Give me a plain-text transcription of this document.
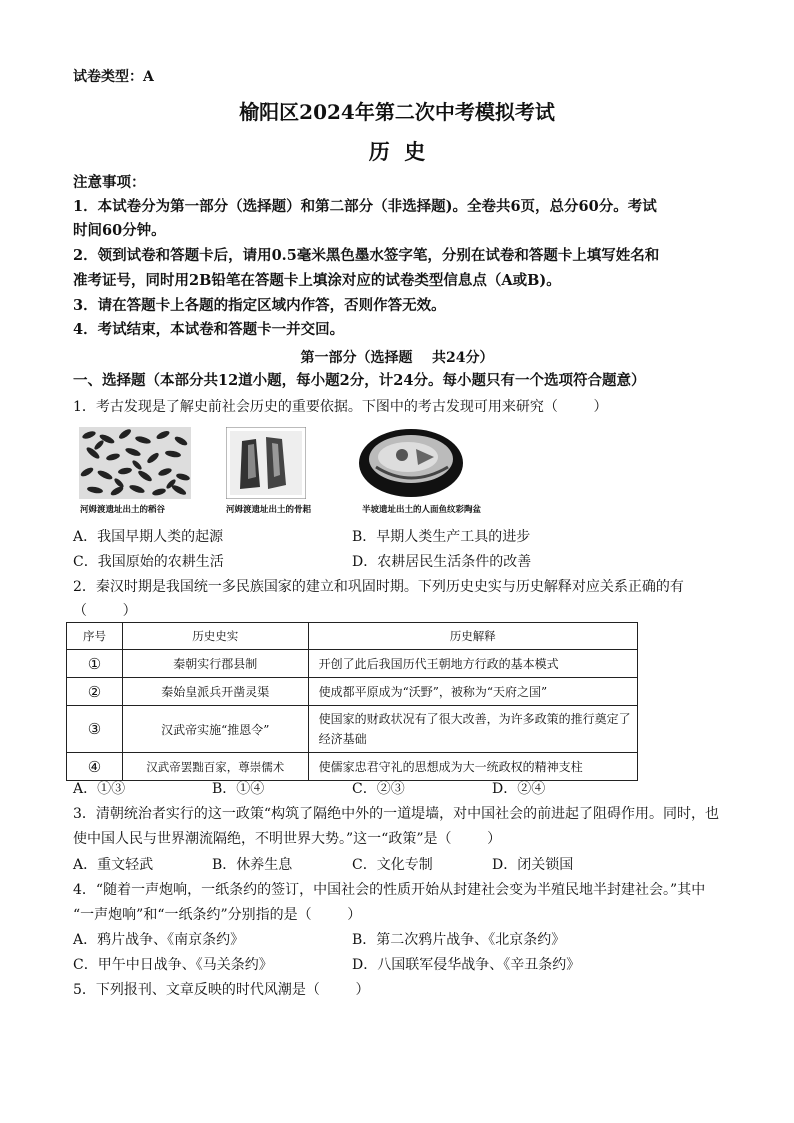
试卷类型：A
榆阳区2024年第二次中考模拟考试
历  史
注意事项：
1．本试卷分为第一部分（选择题）和第二部分（非选择题)。全卷共6页，总分60分。考试
时间60分钟。
2．领到试卷和答题卡后，请用0.5毫米黑色墨水签字笔，分别在试卷和答题卡上填写姓名和
准考证号，同时用2B铅笔在答题卡上填涂对应的试卷类型信息点（A或B)。
3．请在答题卡上各题的指定区域内作答，否则作答无效。
4．考试结束，本试卷和答题卡一并交回。
第一部分（选择题    共24分）
一、选择题（本部分共12道小题，每小题2分，计24分。每小题只有一个选项符合题意）
1．考古发现是了解史前社会历史的重要依据。下图中的考古发现可用来研究（        ）
河姆渡遗址出土的稻谷	河姆渡遗址出土的骨耜	半坡遗址出土的人面鱼纹彩陶盆
A．我国早期人类的起源	B．早期人类生产工具的进步
C．我国原始的农耕生活	D．农耕居民生活条件的改善
2．秦汉时期是我国统一多民族国家的建立和巩固时期。下列历史史实与历史解释对应关系正确的有
（        ）
序号	历史史实	历史解释
①	秦朝实行郡县制	开创了此后我国历代王朝地方行政的基本模式
②	秦始皇派兵开凿灵渠	使成都平原成为“沃野”，被称为“天府之国”
③	汉武帝实施“推恩令”	使国家的财政状况有了很大改善，为许多政策的推行奠定了经济基础
④	汉武帝罢黜百家，尊崇儒术	使儒家忠君守礼的思想成为大一统政权的精神支柱
A．①③	B．①④	C．②③	D．②④
3．清朝统治者实行的这一政策“构筑了隔绝中外的一道堤墙，对中国社会的前进起了阻碍作用。同时，也
使中国人民与世界潮流隔绝，不明世界大势。”这一“政策”是（        ）
A．重文轻武	B．休养生息	C．文化专制	D．闭关锁国
4．“随着一声炮响，一纸条约的签订，中国社会的性质开始从封建社会变为半殖民地半封建社会。”其中
“一声炮响”和“一纸条约”分别指的是（        ）
A．鸦片战争、《南京条约》	B．第二次鸦片战争、《北京条约》
C．甲午中日战争、《马关条约》	D．八国联军侵华战争、《辛丑条约》
5．下列报刊、文章反映的时代风潮是（        ）
